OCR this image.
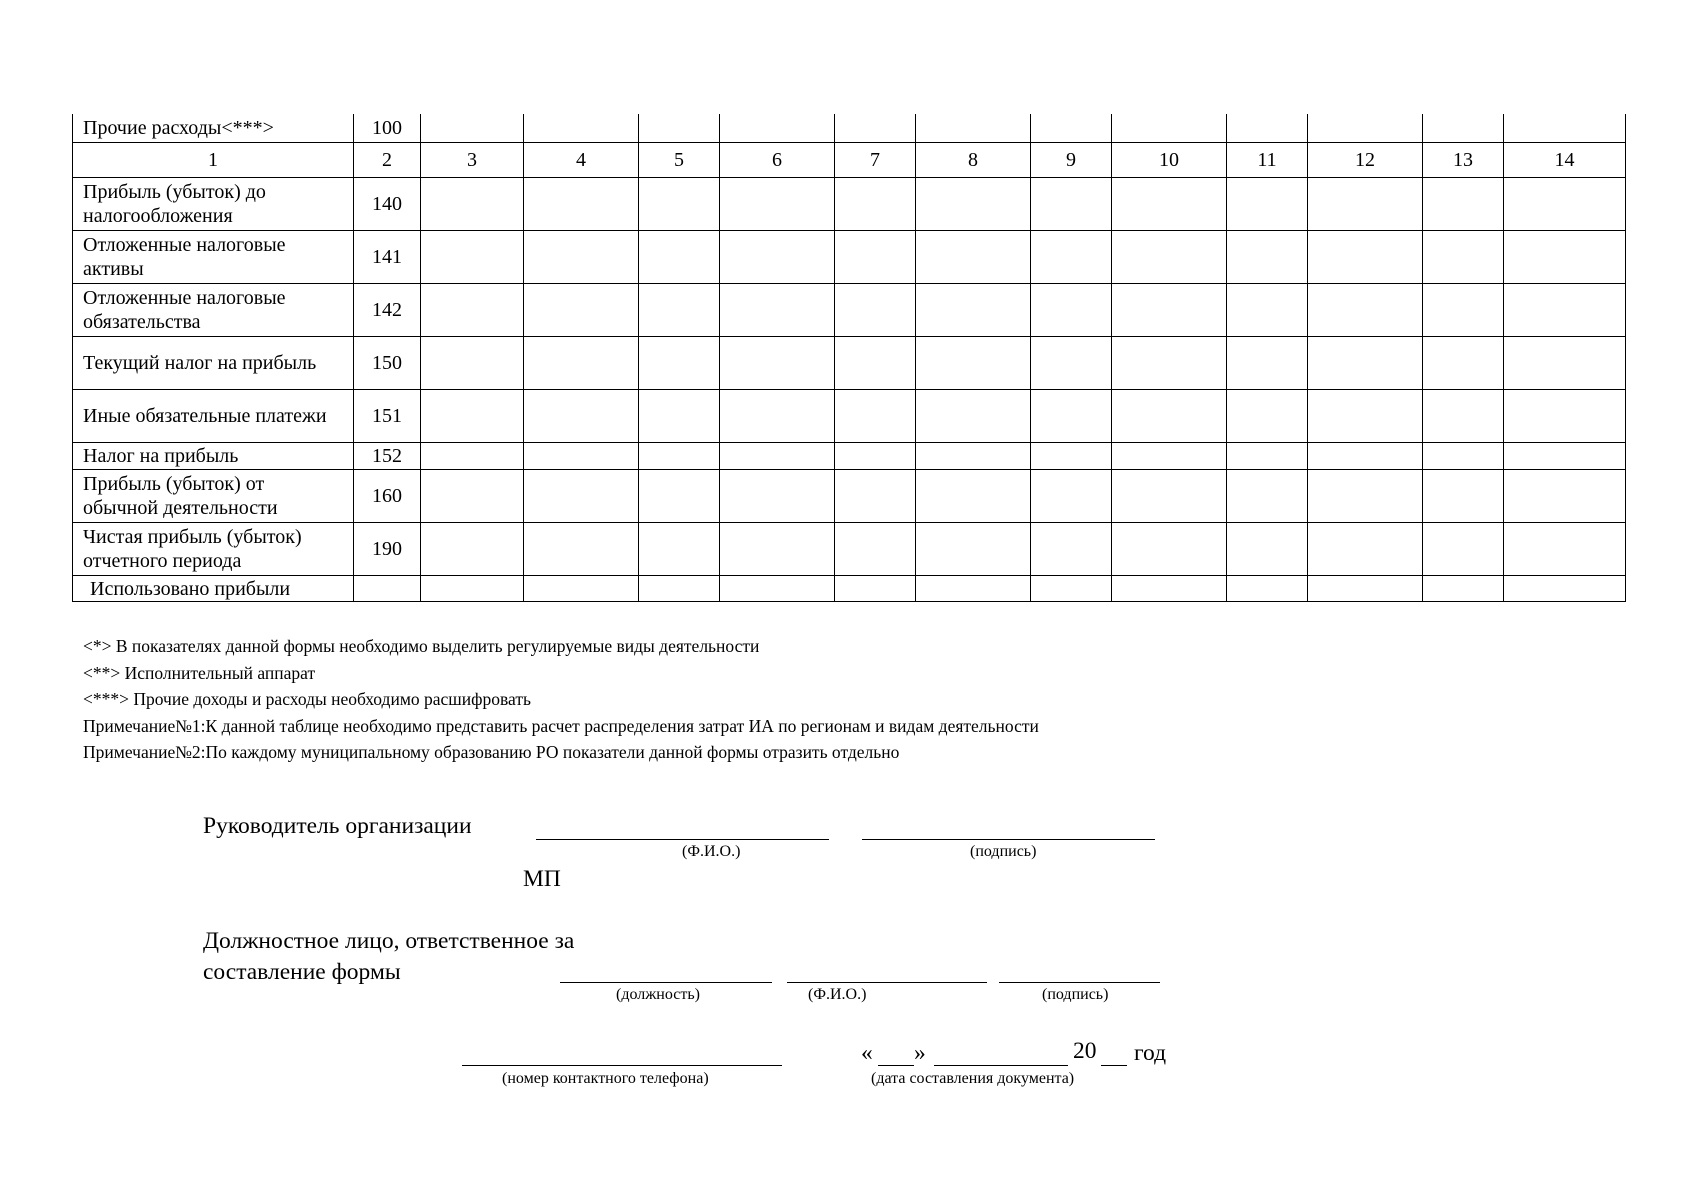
Прочие расходы<***>	100												
1	2	3	4	5	6	7	8	9	10	11	12	13	14
Прибыль (убыток) до налогообложения	140												
Отложенные налоговые активы	141												
Отложенные налоговые обязательства	142												
Текущий налог на прибыль	150												
Иные обязательные платежи	151												
Налог на прибыль	152												
Прибыль (убыток) от обычной деятельности	160												
Чистая прибыль (убыток) отчетного периода	190												
Использовано прибыли													
<*> В показателях данной формы необходимо выделить регулируемые виды деятельности
<**> Исполнительный аппарат
<***> Прочие доходы и расходы необходимо расшифровать
Примечание№1:К данной таблице необходимо представить расчет распределения затрат ИА по регионам и видам деятельности
Примечание№2:По каждому муниципальному образованию РО показатели данной формы отразить отдельно
Руководитель организации
(Ф.И.О.)	(подпись)
МП
Должностное лицо, ответственное за
составление формы
(должность)	(Ф.И.О.)	(подпись)
(номер контактного телефона)
« »	20 год
(дата составления документа)
